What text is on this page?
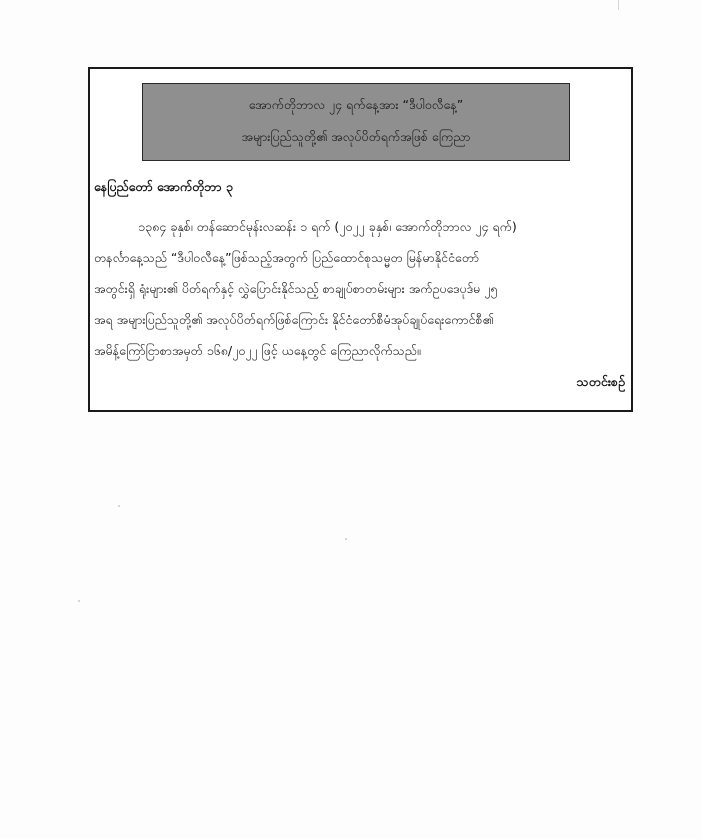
အောက်တိုဘာလ ၂၄ ရက်နေ့အား “ဒီပါဝလီနေ့”
အများပြည်သူတို့၏ အလုပ်ပိတ်ရက်အဖြစ် ကြေညာ
နေပြည်တော် အောက်တိုဘာ ၃
၁၃၈၄ ခုနှစ်၊ တန်ဆောင်မုန်းလဆန်း ၁ ရက် (၂၀၂၂ ခုနှစ်၊ အောက်တိုဘာလ ၂၄ ရက်)
တနင်္လာနေ့သည် “ဒီပါဝလီနေ့”ဖြစ်သည့်အတွက် ပြည်ထောင်စုသမ္မတ မြန်မာနိုင်ငံတော်
အတွင်းရှိ ရုံးများ၏ ပိတ်ရက်နှင့် လွှဲပြောင်းနိုင်သည့် စာချုပ်စာတမ်းများ အက်ဥပဒေပုဒ်မ ၂၅
အရ အများပြည်သူတို့၏ အလုပ်ပိတ်ရက်ဖြစ်ကြောင်း နိုင်ငံတော်စီမံအုပ်ချုပ်ရေးကောင်စီ၏
အမိန့်ကြော်ငြာစာအမှတ် ၁၆၈/၂၀၂၂ ဖြင့် ယနေ့တွင် ကြေညာလိုက်သည်။
သတင်းစဉ်
